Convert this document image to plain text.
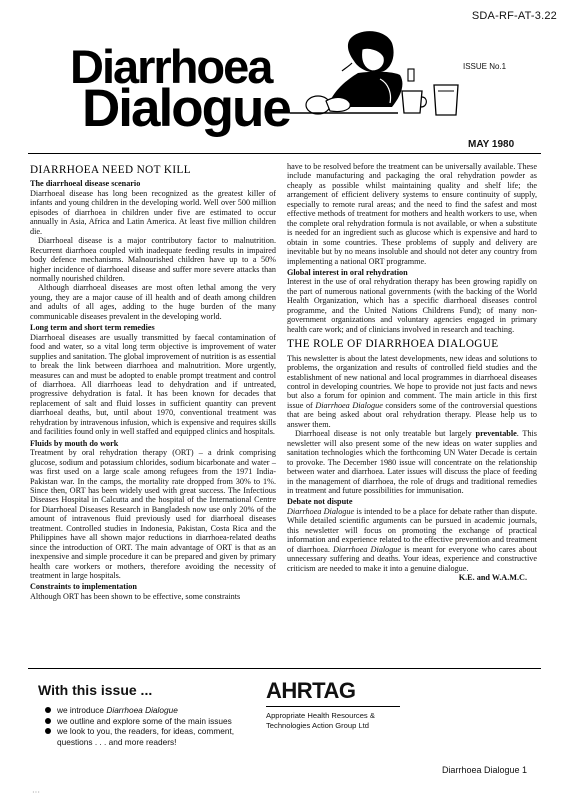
SDA-RF-AT-3.22
Diarrhoea
Dialogue
ISSUE No.1
MAY 1980
DIARRHOEA NEED NOT KILL
The diarrhoeal disease scenario

Diarrhoeal disease has long been recognized as the greatest killer of infants and young children in the developing world. Well over 500 million episodes of diarrhoea in children under five are estimated to occur annually in Asia, Africa and Latin America. At least five million children die.

Diarrhoeal disease is a major contributory factor to malnutrition. Recurrent diarrhoea coupled with inadequate feeding results in impaired body defence mechanisms. Malnourished children have up to a 50% higher incidence of diarrhoeal disease and suffer more severe attacks than normally nourished children.

Although diarrhoeal diseases are most often lethal among the very young, they are a major cause of ill health and of death among children and adults of all ages, adding to the huge burden of the many communicable diseases prevalent in the developing world.

Long term and short term remedies

Diarrhoeal diseases are usually transmitted by faecal contamination of food and water, so a vital long term objective is improvement of water supplies and sanitation. The global improvement of nutrition is as essential to break the link between diarrhoea and malnutrition. More urgently, measures can and must be adopted to enable prompt treatment and control of diarrhoea. All diarrhoeas lead to dehydration and if untreated, progressive dehydration is fatal. It has been known for decades that replacement of salt and fluid losses in sufficient quantity can prevent diarrhoeal deaths, but, until about 1970, conventional treatment was rehydration by intravenous infusion, which is expensive and requires skills and facilities found only in well staffed and equipped clinics and hospitals.

Fluids by mouth do work

Treatment by oral rehydration therapy (ORT) – a drink comprising glucose, sodium and potassium chlorides, sodium bicarbonate and water – was first used on a large scale among refugees from the 1971 India-Pakistan war. In the camps, the mortality rate dropped from 30% to 1%. Since then, ORT has been widely used with great success. The Infectious Diseases Hospital in Calcutta and the hospital of the International Centre for Diarrhoeal Diseases Research in Bangladesh now use only 20% of the amount of intravenous fluid previously used for diarrhoeal diseases treatment. Controlled studies in Indonesia, Pakistan, Costa Rica and the Philippines have all shown major reductions in diarrhoea-related deaths since the introduction of ORT. The main advantage of ORT is that as an inexpensive and simple procedure it can be prepared and given by primary health care workers or mothers, therefore avoiding the necessity of treatment in large hospitals.

Constraints to implementation

Although ORT has been shown to be effective, some constraints

have to be resolved before the treatment can be universally available. These include manufacturing and packaging the oral rehydration powder as cheaply as possible whilst maintaining quality and shelf life; the arrangement of efficient delivery systems to ensure continuity of supply, especially to remote rural areas; and the need to find the safest and most effective methods of treatment for mothers and health workers to use, when the complete oral rehydration formula is not available, or when a substitute is needed for an ingredient such as glucose which is expensive and hard to obtain in some countries. These problems of supply and delivery are inevitable but by no means insoluble and should not deter any country from implementing a national ORT programme.

Global interest in oral rehydration

Interest in the use of oral rehydration therapy has been growing rapidly on the part of numerous national governments (with the backing of the World Health Organization, which has a specific diarrhoeal diseases control programme, and the United Nations Childrens Fund); of many non-government organizations and voluntary agencies engaged in primary health care work; and of clinicians involved in research and teaching.

THE ROLE OF DIARRHOEA DIALOGUE

This newsletter is about the latest developments, new ideas and solutions to problems, the organization and results of controlled field studies and the establishment of new national and local programmes in diarrhoeal diseases control in developing countries. We hope to provide not just facts and news but also a forum for opinion and comment. The main article in this first issue of Diarrhoea Dialogue considers some of the controversial questions that are being asked about oral rehydration therapy. Please help us to answer them.

Diarrhoeal disease is not only treatable but largely preventable. This newsletter will also present some of the new ideas on water supplies and sanitation technologies which the forthcoming UN Water Decade is certain to provoke. The December 1980 issue will concentrate on the relationship between water and diarrhoea. Later issues will discuss the place of feeding in the management of diarrhoea, the role of drugs and traditional remedies in treatment and future possibilities for immunisation.

Debate not dispute

Diarrhoea Dialogue is intended to be a place for debate rather than dispute. While detailed scientific arguments can be pursued in academic journals, this newsletter will focus on promoting the exchange of practical information and experience related to the effective prevention and treatment of diarrhoea. Diarrhoea Dialogue is meant for everyone who cares about unnecessary suffering and deaths. Your ideas, experience and constructive criticism are needed to make it into a genuine dialogue.

K.E. and W.A.M.C.
With this issue ...
we introduce Diarrhoea Dialogue
we outline and explore some of the main issues
we look to you, the readers, for ideas, comment, questions . . . and more readers!
AHRTAG
Appropriate Health Resources &
Technologies Action Group Ltd
Diarrhoea Dialogue 1
···
